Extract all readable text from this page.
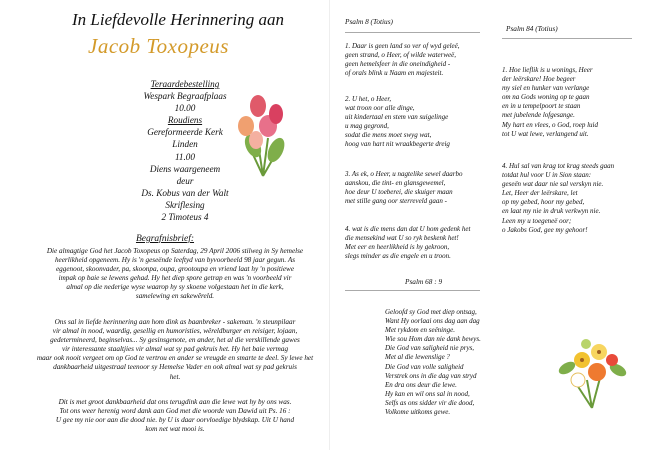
In Liefdevolle Herinnering aan
Jacob Toxopeus
Teraardebestelling
Wespark Begraafplaas
10.00
Roudiens
Gereformeerde Kerk
Linden
11.00
Diens waargeneem
deur
Ds. Kobus van der Walt
Skriflesing
2 Timoteus 4
Begrafnisbrief:
Die almagtige God het Jacob Toxopeus op Saterdag, 29 April 2006 stilweg in Sy hemelse
heerlikheid opgeneem. Hy is 'n geseënde leeftyd van byvoorbeeld 98 jaar gegun. As
eggenoot, skoonvader, pa, skoonpa, oupa, grootoupa en vriend laat hy 'n positiewe
impak op baie se lewens gehad. Hy het diep spore getrap en was 'n voorbeeld vir
almal op die nederige wyse waarop hy sy skoene volgestaan het in die kerk,
samelewing en sakewêreld.
Ons sal in liefde herinnering aan hom dink as baanbreker - sakeman. 'n steunpilaar
vir almal in nood, waardig, gesellig en humoristies, wêreldburger en reisiger, lojaan,
gedetermineerd, beginselvas... Sy gesinsgenote, en ander, het al die verskillende gawes
vir interessante staaltjies vir almal wat sy pad gekruis het. Hy het baie vermag
maar ook nooit vergeet om op God te vertrou en ander se vreugde en smarte te deel. Sy lewe het
dankbaarheid uitgestraal teenoor sy Hemelse Vader en ook almal wat sy pad gekruis
het.
Dit is met groot dankbaarheid dat ons terugdink aan die lewe wat hy by ons was.
Tot ons weer herenig word dank aan God met die woorde van Dawid uit Ps. 16 :
U gee my nie oor aan die dood nie. by U is daar oorvloedige blydskap. Uit U hand
kom net wat mooi is.
Psalm 8 (Totius)
1. Daar is geen land so ver of wyd geleë,
geen strand, o Heer, of wilde waterweë,
geen hemelsfeer in die oneindigheid -
of orals blink u Naam en majesteit.
2. U het, o Heer,
wat troon oor alle dinge,
uit kindertaal en stem van suigelinge
u mag gegrond,
sodat die mens moet swyg wat,
hoog van hart nit wraakbegerte dreig
3. As ek, o Heer, u nagtelike sewel daarbo
aanskou, die tint- en glansgewemel,
hoe deur U toeberei, die skuiger maan
met stille gang oor sterreveld gaan -
4. wat is die mens dan dat U hom gedenk het
die mensekind wat U so ryk beskenk het!
Met eer en heerlikheid is hy gekroon,
slegs minder as die engele en u troon.
Psalm 68 : 9
Geloofd sy God met diep ontsag,
Want Hy oorlaai ons dag aan dag
Met rykdom en seëninge.
Wie sou Hom dan nie dank bewys.
Die God van saligheid nie prys,
Met al die lewenslige ?
Die God van volle saligheid
Verstrek ons in die dag van stryd
En dra ons deur die lewe.
Hy kan en wil ons sal in nood,
Selfs as ons sidder vir die dood,
Volkome uitkoms gewe.
Psalm 84 (Totius)
1. Hoe lieflik is u wonings, Heer
der leërskare! Hoe begeer
my siel en hunker van verlange
om na Gods woning op te gaan
en in u tempelpoort te staan
met jubelende lofgesange.
My hart en vlees, o God, roep luid
tot U wat lewe, verlangend uit.
4. Hul sal van krag tot krag steeds gaan
totdat hul voor U in Sion staan:
geseën wat daar nie sal verskyn nie.
Let, Heer der leërskare, let
op my gebed, hoor my gebed,
en laat my nie in druk verkwyn nie.
Leen my u toegeneë oor;
o Jakobs God, gee my gehoor!
